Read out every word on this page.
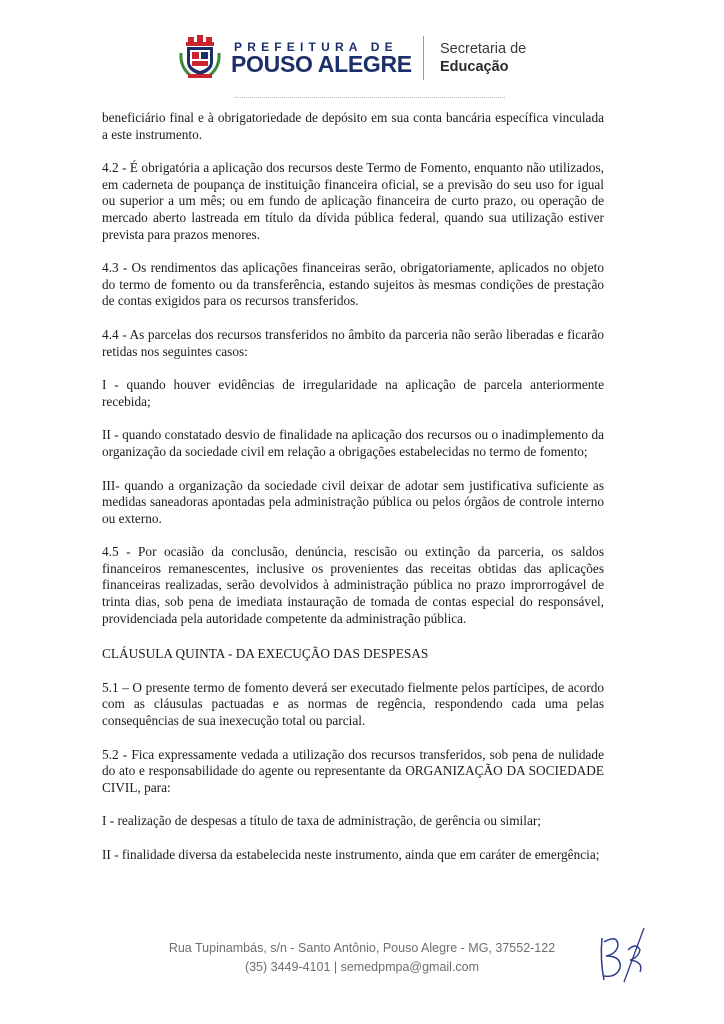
PREFEITURA DE
POUSO ALEGRE
Secretaria de
Educação

beneficiário final e à obrigatoriedade de depósito em sua conta bancária específica vinculada a este instrumento.

4.2 - É obrigatória a aplicação dos recursos deste Termo de Fomento, enquanto não utilizados, em caderneta de poupança de instituição financeira oficial, se a previsão do seu uso for igual ou superior a um mês; ou em fundo de aplicação financeira de curto prazo, ou operação de mercado aberto lastreada em título da dívida pública federal, quando sua utilização estiver prevista para prazos menores.

4.3 - Os rendimentos das aplicações financeiras serão, obrigatoriamente, aplicados no objeto do termo de fomento ou da transferência, estando sujeitos às mesmas condições de prestação de contas exigidos para os recursos transferidos.

4.4 - As parcelas dos recursos transferidos no âmbito da parceria não serão liberadas e ficarão retidas nos seguintes casos:

I - quando houver evidências de irregularidade na aplicação de parcela anteriormente recebida;

II - quando constatado desvio de finalidade na aplicação dos recursos ou o inadimplemento da organização da sociedade civil em relação a obrigações estabelecidas no termo de fomento;

III- quando a organização da sociedade civil deixar de adotar sem justificativa suficiente as medidas saneadoras apontadas pela administração pública ou pelos órgãos de controle interno ou externo.

4.5 - Por ocasião da conclusão, denúncia, rescisão ou extinção da parceria, os saldos financeiros remanescentes, inclusive os provenientes das receitas obtidas das aplicações financeiras realizadas, serão devolvidos à administração pública no prazo improrrogável de trinta dias, sob pena de imediata instauração de tomada de contas especial do responsável, providenciada pela autoridade competente da administração pública.

CLÁUSULA QUINTA - DA EXECUÇÃO DAS DESPESAS

5.1 – O presente termo de fomento deverá ser executado fielmente pelos partícipes, de acordo com as cláusulas pactuadas e as normas de regência, respondendo cada uma pelas consequências de sua inexecução total ou parcial.

5.2 - Fica expressamente vedada a utilização dos recursos transferidos, sob pena de nulidade do ato e responsabilidade do agente ou representante da ORGANIZAÇÃO DA SOCIEDADE CIVIL, para:

I - realização de despesas a título de taxa de administração, de gerência ou similar;

II - finalidade diversa da estabelecida neste instrumento, ainda que em caráter de emergência;

Rua Tupinambás, s/n - Santo Antônio, Pouso Alegre - MG, 37552-122
(35) 3449-4101 | semedpmpa@gmail.com
